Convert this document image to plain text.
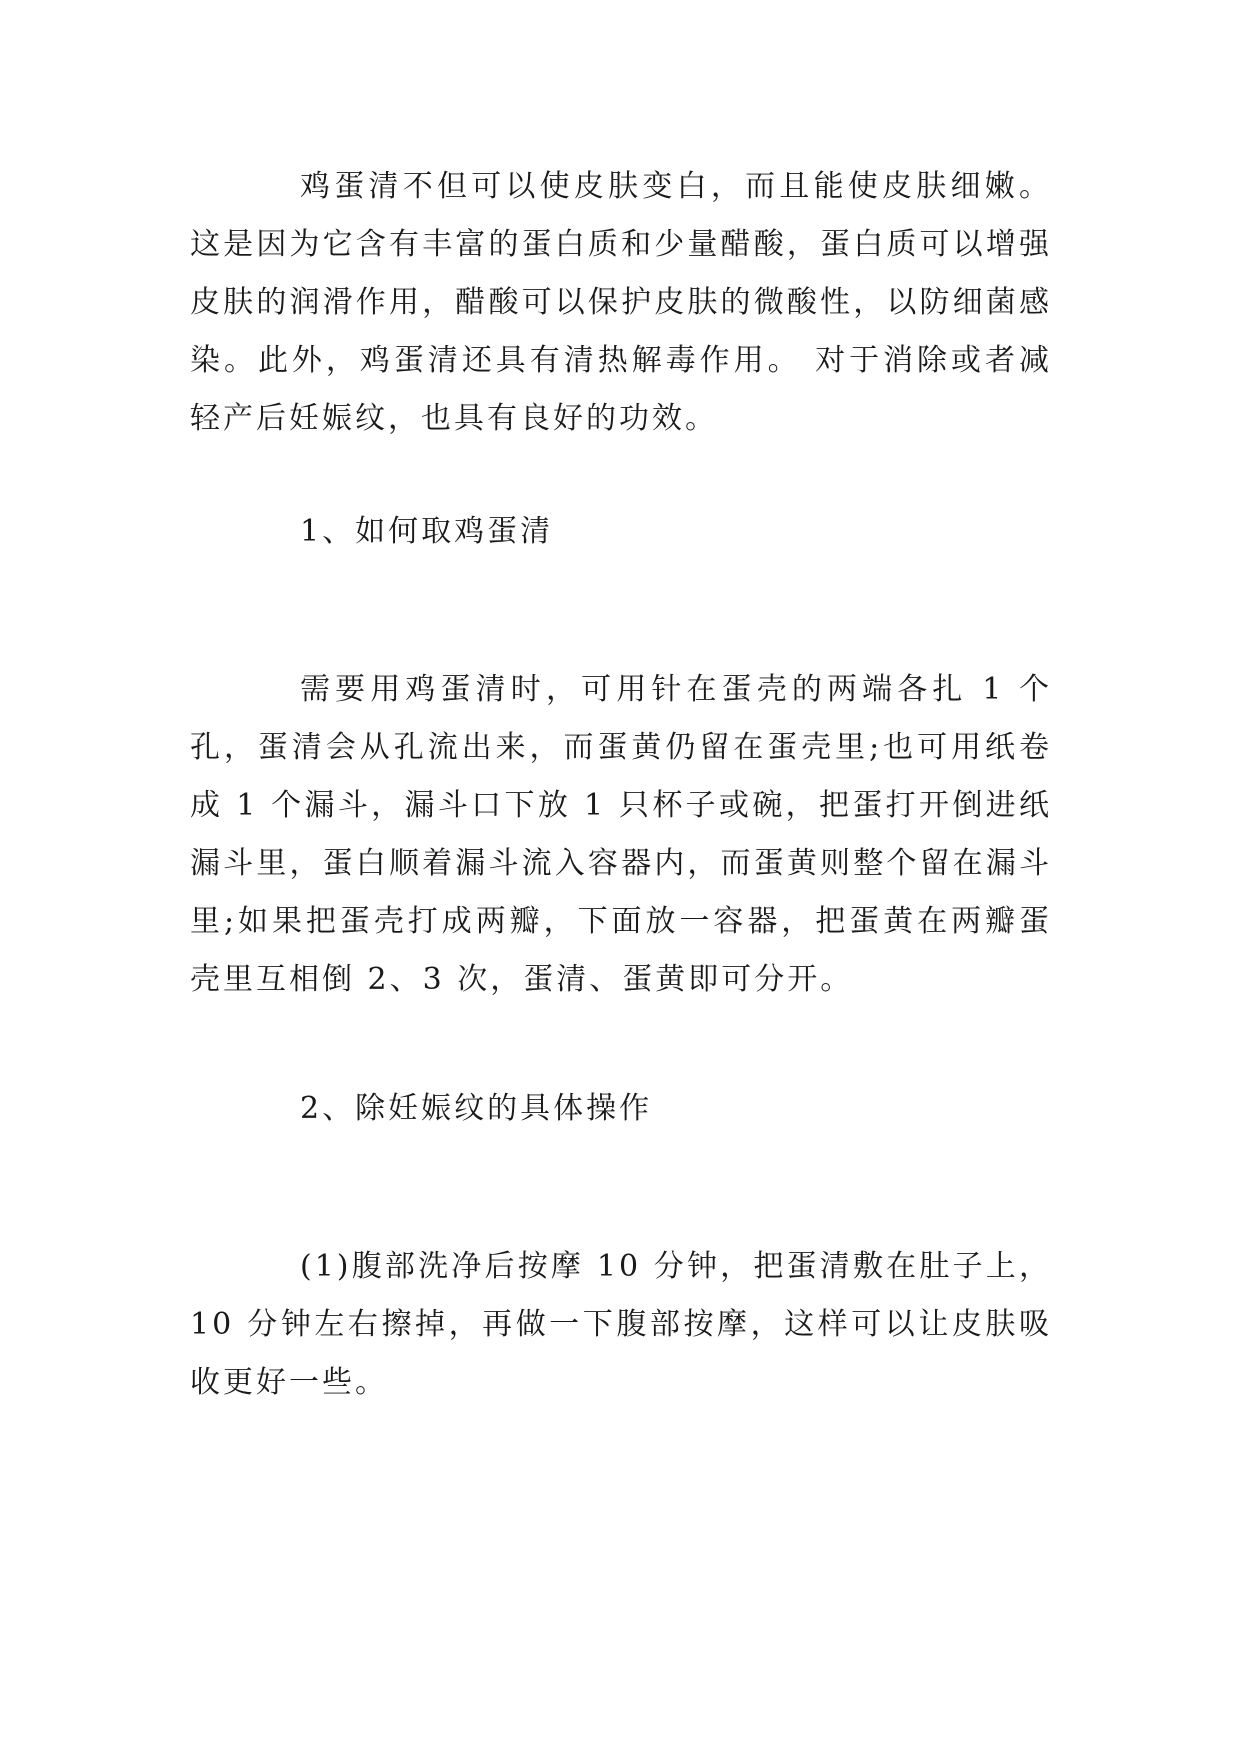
鸡蛋清不但可以使皮肤变白，而且能使皮肤细嫩。这是因为它含有丰富的蛋白质和少量醋酸，蛋白质可以增强皮肤的润滑作用，醋酸可以保护皮肤的微酸性，以防细菌感染。此外，鸡蛋清还具有清热解毒作用。 对于消除或者减轻产后妊娠纹，也具有良好的功效。

1、如何取鸡蛋清

需要用鸡蛋清时，可用针在蛋壳的两端各扎 1 个孔，蛋清会从孔流出来，而蛋黄仍留在蛋壳里;也可用纸卷成 1 个漏斗，漏斗口下放 1 只杯子或碗，把蛋打开倒进纸漏斗里，蛋白顺着漏斗流入容器内，而蛋黄则整个留在漏斗里;如果把蛋壳打成两瓣，下面放一容器，把蛋黄在两瓣蛋壳里互相倒 2、3 次，蛋清、蛋黄即可分开。

2、除妊娠纹的具体操作

(1)腹部洗净后按摩 10 分钟，把蛋清敷在肚子上，10 分钟左右擦掉，再做一下腹部按摩，这样可以让皮肤吸收更好一些。
